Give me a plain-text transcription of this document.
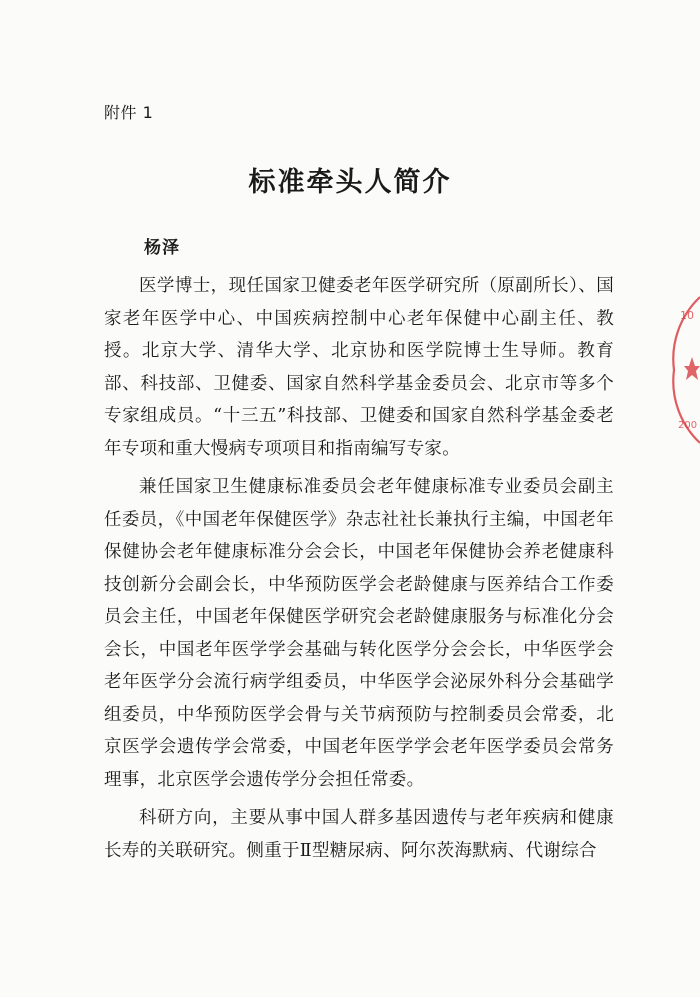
附件 1
标准牵头人简介
杨泽

医学博士，现任国家卫健委老年医学研究所（原副所长）、国家老年医学中心、中国疾病控制中心老年保健中心副主任、教授。北京大学、清华大学、北京协和医学院博士生导师。教育部、科技部、卫健委、国家自然科学基金委员会、北京市等多个专家组成员。“十三五”科技部、卫健委和国家自然科学基金委老年专项和重大慢病专项项目和指南编写专家。

兼任国家卫生健康标准委员会老年健康标准专业委员会副主任委员，《中国老年保健医学》杂志社社长兼执行主编，中国老年保健协会老年健康标准分会会长，中国老年保健协会养老健康科技创新分会副会长，中华预防医学会老龄健康与医养结合工作委员会主任，中国老年保健医学研究会老龄健康服务与标准化分会会长，中国老年医学学会基础与转化医学分会会长，中华医学会老年医学分会流行病学组委员，中华医学会泌尿外科分会基础学组委员，中华预防医学会骨与关节病预防与控制委员会常委，北京医学会遗传学会常委，中国老年医学学会老年医学委员会常务理事，北京医学会遗传学分会担任常委。

科研方向，主要从事中国人群多基因遗传与老年疾病和健康长寿的关联研究。侧重于Ⅱ型糖尿病、阿尔茨海默病、代谢综合

10
200
